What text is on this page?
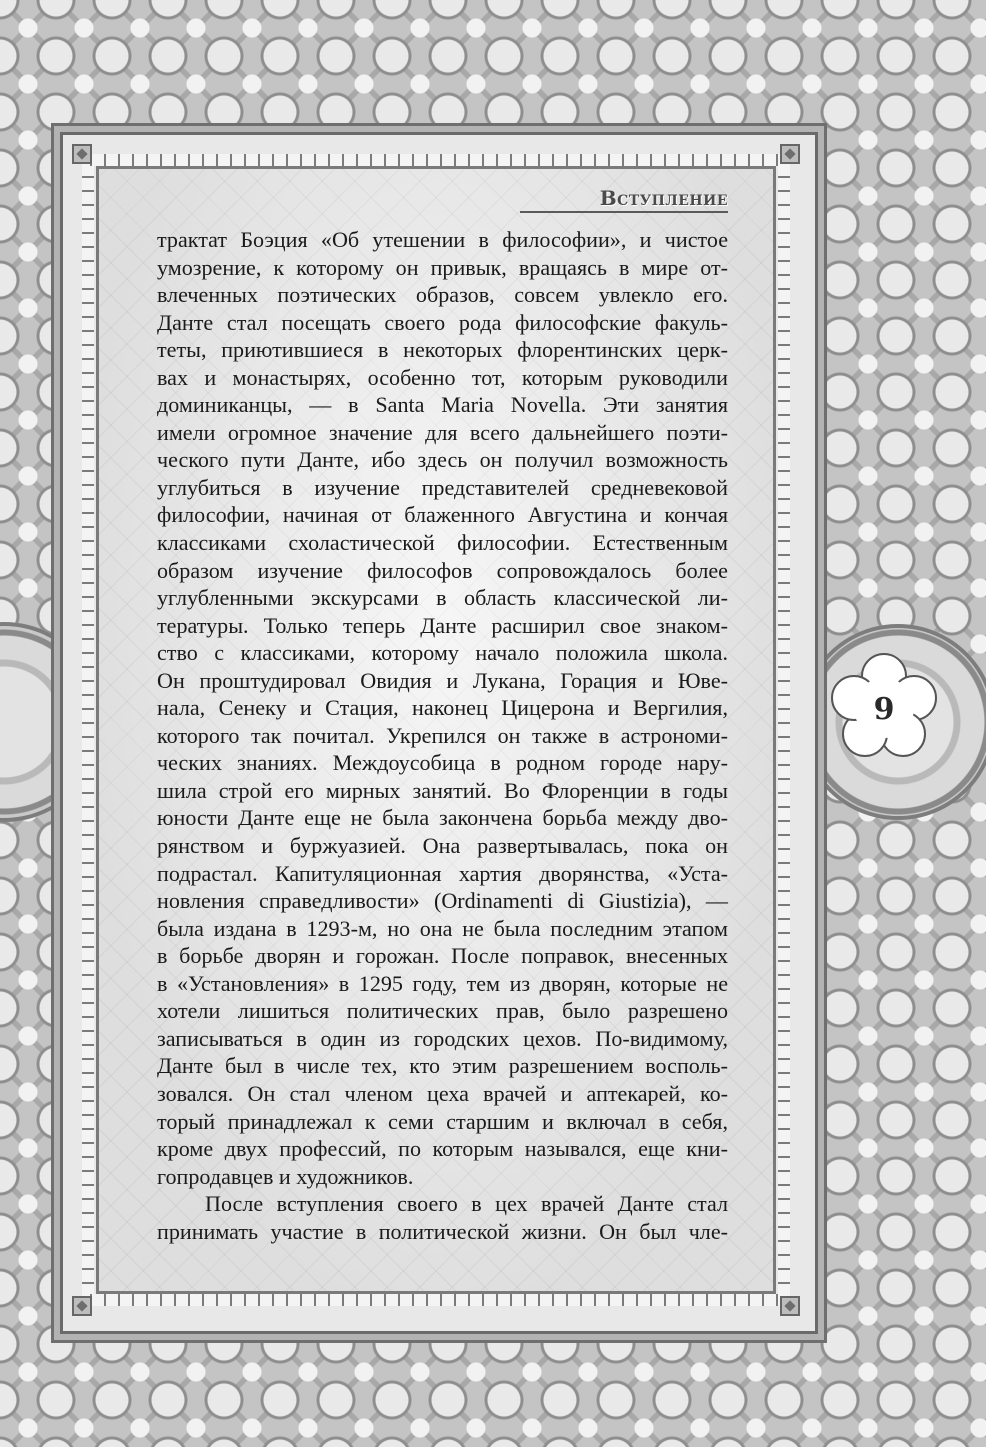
9
Вступление
трактат Боэция «Об утешении в философии», и чистое
умозрение, к которому он привык, вращаясь в мире от-
влеченных поэтических образов, совсем увлекло его.
Данте стал посещать своего рода философские факуль-
теты, приютившиеся в некоторых флорентинских церк-
вах и монастырях, особенно тот, которым руководили
доминиканцы, — в Santa Maria Novella. Эти занятия
имели огромное значение для всего дальнейшего поэти-
ческого пути Данте, ибо здесь он получил возможность
углубиться в изучение представителей средневековой
философии, начиная от блаженного Августина и кончая
классиками схоластической философии. Естественным
образом изучение философов сопровождалось более
углубленными экскурсами в область классической ли-
тературы. Только теперь Данте расширил свое знаком-
ство с классиками, которому начало положила школа.
Он проштудировал Овидия и Лукана, Горация и Юве-
нала, Сенеку и Стация, наконец Цицерона и Вергилия,
которого так почитал. Укрепился он также в астрономи-
ческих знаниях. Междоусобица в родном городе нару-
шила строй его мирных занятий. Во Флоренции в годы
юности Данте еще не была закончена борьба между дво-
рянством и буржуазией. Она развертывалась, пока он
подрастал. Капитуляционная хартия дворянства, «Уста-
новления справедливости» (Ordinamenti di Giustizia), —
была издана в 1293-м, но она не была последним этапом
в борьбе дворян и горожан. После поправок, внесенных
в «Установления» в 1295 году, тем из дворян, которые не
хотели лишиться политических прав, было разрешено
записываться в один из городских цехов. По-видимому,
Данте был в числе тех, кто этим разрешением восполь-
зовался. Он стал членом цеха врачей и аптекарей, ко-
торый принадлежал к семи старшим и включал в себя,
кроме двух профессий, по которым назывался, еще кни-
гопродавцев и художников.
После вступления своего в цех врачей Данте стал
принимать участие в политической жизни. Он был чле-
